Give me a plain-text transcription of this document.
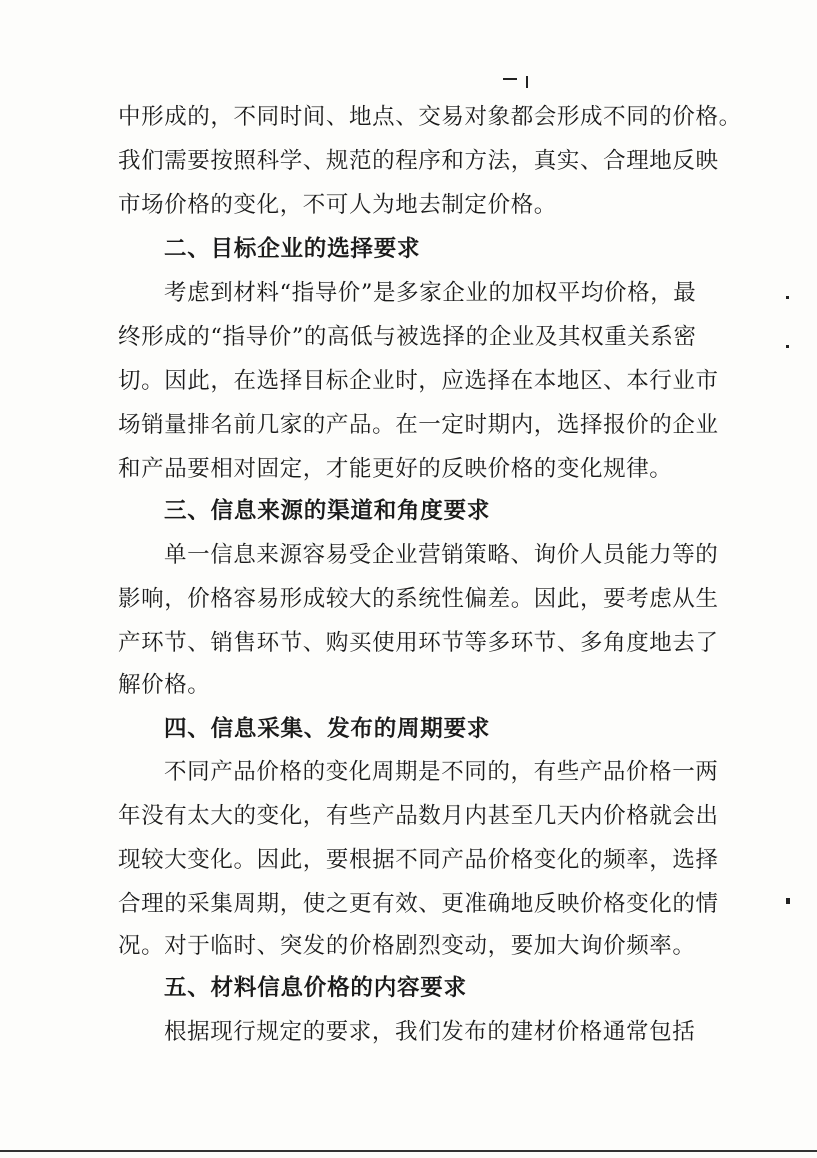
中形成的，不同时间、地点、交易对象都会形成不同的价格。
我们需要按照科学、规范的程序和方法，真实、合理地反映
市场价格的变化，不可人为地去制定价格。
二、目标企业的选择要求
考虑到材料“指导价”是多家企业的加权平均价格，最
终形成的“指导价”的高低与被选择的企业及其权重关系密
切。因此，在选择目标企业时，应选择在本地区、本行业市
场销量排名前几家的产品。在一定时期内，选择报价的企业
和产品要相对固定，才能更好的反映价格的变化规律。
三、信息来源的渠道和角度要求
单一信息来源容易受企业营销策略、询价人员能力等的
影响，价格容易形成较大的系统性偏差。因此，要考虑从生
产环节、销售环节、购买使用环节等多环节、多角度地去了
解价格。
四、信息采集、发布的周期要求
不同产品价格的变化周期是不同的，有些产品价格一两
年没有太大的变化，有些产品数月内甚至几天内价格就会出
现较大变化。因此，要根据不同产品价格变化的频率，选择
合理的采集周期，使之更有效、更准确地反映价格变化的情
况。对于临时、突发的价格剧烈变动，要加大询价频率。
五、材料信息价格的内容要求
根据现行规定的要求，我们发布的建材价格通常包括
